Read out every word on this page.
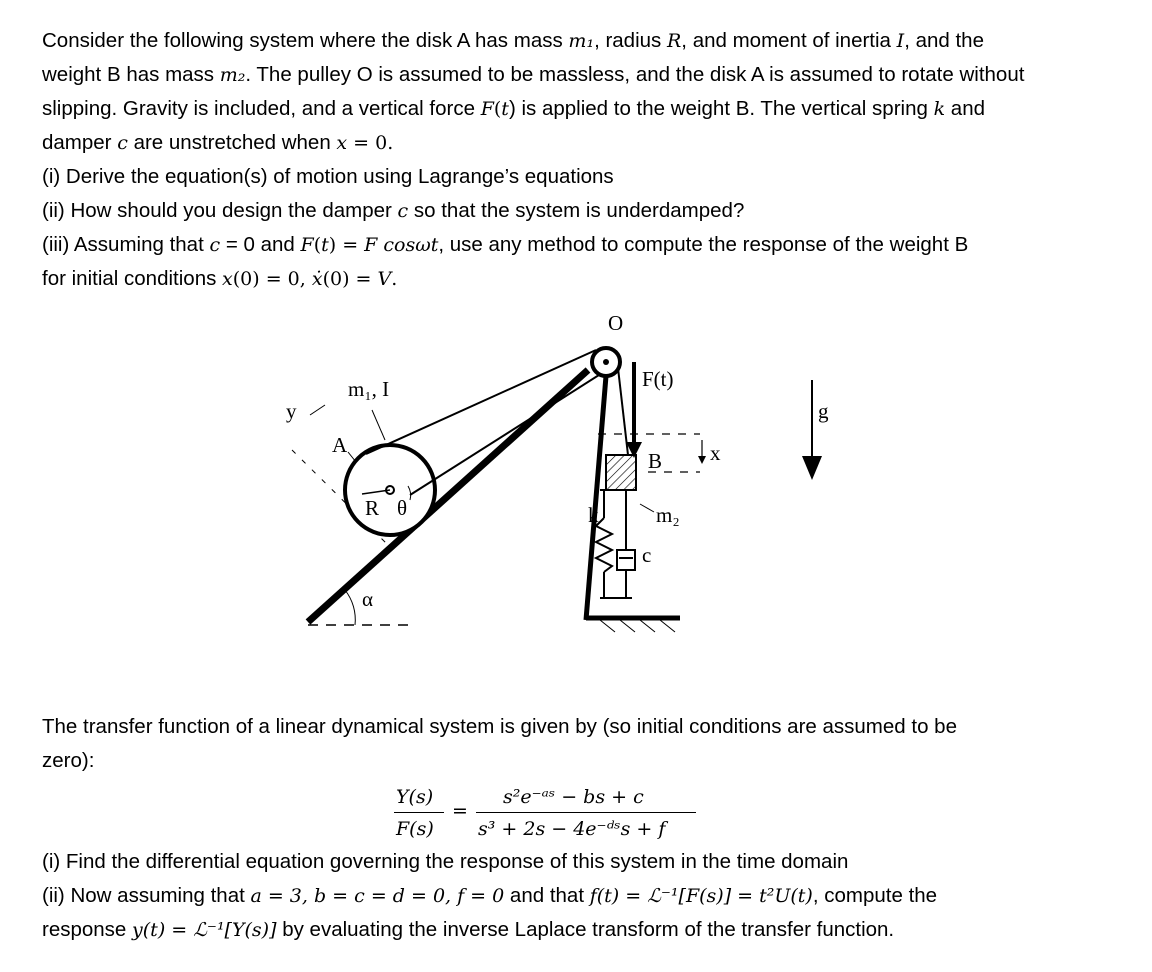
Consider the following system where the disk A has mass m₁, radius R, and moment of inertia I, and the
weight B has mass m₂. The pulley O is assumed to be massless, and the disk A is assumed to rotate without
slipping. Gravity is included, and a vertical force F(t) is applied to the weight B. The vertical spring k and
damper c are unstretched when x = 0.
(i) Derive the equation(s) of motion using Lagrange’s equations
(ii) How should you design the damper c so that the system is underdamped?
(iii) Assuming that c = 0 and F(t) = F cosωt, use any method to compute the response of the weight B
for initial conditions x(0) = 0, ẋ(0) = V.
α
y
R θ
m₁, I
A
O
F(t)
B x
m₂
k
c
g
The transfer function of a linear dynamical system is given by (so initial conditions are assumed to be
zero):
Y(s)
F(s)
=
s²e⁻ᵃˢ − bs + c
s³ + 2s − 4e⁻ᵈˢs + f
(i) Find the differential equation governing the response of this system in the time domain
(ii) Now assuming that a = 3, b = c = d = 0, f = 0 and that f(t) = ℒ⁻¹[F(s)] = t²U(t), compute the
response y(t) = ℒ⁻¹[Y(s)] by evaluating the inverse Laplace transform of the transfer function.
